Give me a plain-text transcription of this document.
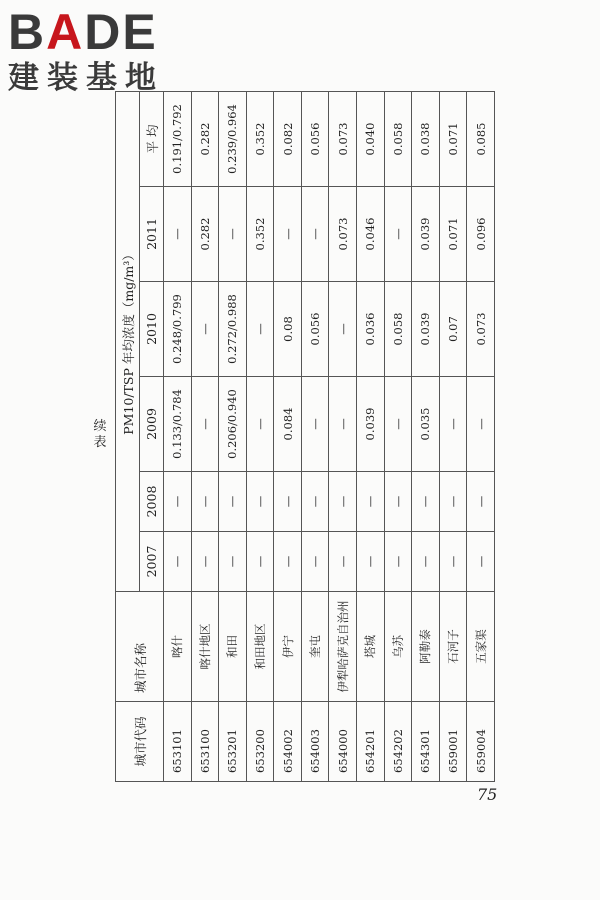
BADE
建装基地
续表
城市代码	城市名称	PM10/TSP 年均浓度（mg/m³）					
		2007	2008	2009	2010	2011	平 均
653101	喀什	—	—	0.133/0.784	0.248/0.799	—	0.191/0.792
653100	喀什地区	—	—	—	—	0.282	0.282
653201	和田	—	—	0.206/0.940	0.272/0.988	—	0.239/0.964
653200	和田地区	—	—	—	—	0.352	0.352
654002	伊宁	—	—	0.084	0.08	—	0.082
654003	奎屯	—	—	—	0.056	—	0.056
654000	伊犁哈萨克自治州	—	—	—	—	0.073	0.073
654201	塔城	—	—	0.039	0.036	0.046	0.040
654202	乌苏	—	—	—	0.058	—	0.058
654301	阿勒泰	—	—	0.035	0.039	0.039	0.038
659001	石河子	—	—	—	0.07	0.071	0.071
659004	五家渠	—	—	—	0.073	0.096	0.085
75
